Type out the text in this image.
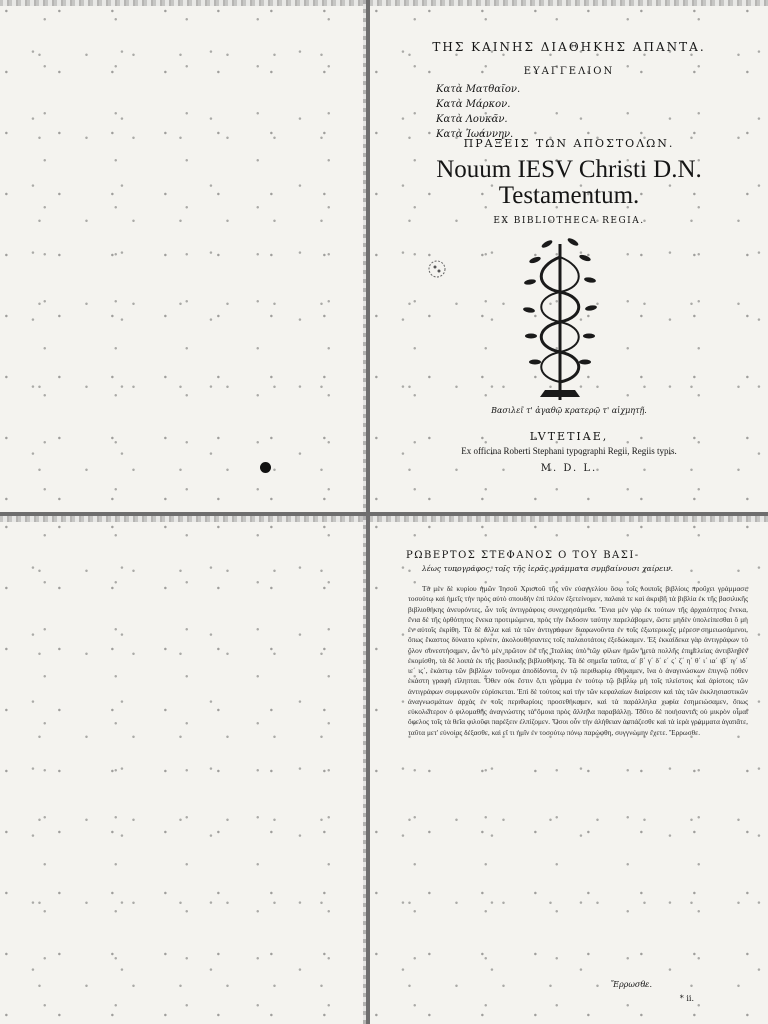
ΤΗΣ ΚΑΙΝΗΣ ΔΙΑΘΗΚΗΣ ΑΠΑΝΤΑ.
ΕΥΑΓΓΕΛΙΟΝ
Κατὰ Ματθαῖον.
Κατὰ Μάρκον.
Κατὰ Λουκᾶν.
Κατὰ Ἰωάννην.
ΠΡΑΞΕΙΣ ΤΩΝ ΑΠΟΣΤΟΛΩΝ.
Nouum IESV Christi D.N.
Testamentum.
EX BIBLIOTHECA REGIA.
Βασιλεῖ τ' ἀγαθῷ κρατερῷ τ' αἰχμητῇ.
LVTETIAE,
Ex officina Roberti Stephani typographi Regii, Regiis typis.
M. D. L.
ΡΩΒΕΡΤΟΣ ΣΤΕΦΑΝΟΣ Ο ΤΟΥ ΒΑΣΙ-
λέως τυπογράφος, τοῖς τῆς ἱερᾶς γράμματα συμβαίνουσι χαίρειν.

Τὸ μὲν δὲ κυρίου ἡμῶν Ἰησοῦ Χριστοῦ τῆς νῦν εὐαγγελίου ὅσῳ τοῖς λοιποῖς βιβλίοις προὔχει γράμμασι, τοσούτῳ καὶ ἡμεῖς τὴν πρὸς αὐτὸ σπουδὴν ἐπὶ πλέον ἐξετείνομεν, παλαιά τε καὶ ἀκριβῆ τὰ βιβλία ἐκ τῆς βασιλικῆς βιβλιοθήκης ἀνευρόντες, ὧν τοῖς ἀντιγράφοις συνεχρησάμεθα. Ἔνια μὲν γὰρ ἐκ τούτων τῆς ἀρχαιότητος ἕνεκα, ἔνια δὲ τῆς ὀρθότητος ἕνεκα προτιμώμενα, πρὸς τὴν ἔκδοσιν ταύτην παρελάβομεν, ὥστε μηδὲν ὑπολείπεσθαι ὃ μὴ ἐν αὐτοῖς ἐκρίθη. Τὰ δὲ ἄλλα καὶ τὰ τῶν ἀντιγράφων διαφωνοῦντα ἐν τοῖς ἐξωτερικοῖς μέρεσι σημειωσάμενοι, ὅπως ἕκαστος δύναιτο κρίνειν, ἀκολουθήσαντες τοῖς παλαιοτάτοις ἐξεδώκαμεν. Ἐξ ἑκκαίδεκα γὰρ ἀντιγράφων τὸ ὅλον συνεστήσαμεν, ὧν τὸ μὲν πρῶτον ἐκ τῆς Ἰταλίας ὑπὸ τῶν φίλων ἡμῶν μετὰ πολλῆς ἐπιμελείας ἀντιβληθὲν ἐκομίσθη, τὰ δὲ λοιπὰ ἐκ τῆς βασιλικῆς βιβλιοθήκης. Τὰ δὲ σημεῖα ταῦτα, α΄ β΄ γ΄ δ΄ ε΄ ϛ΄ ζ΄ η΄ θ΄ ι΄ ια΄ ιβ΄ ιγ΄ ιδ΄ ιε΄ ιϛ΄, ἑκάστῳ τῶν βιβλίων τοὔνομα ἀποδίδοντα, ἐν τῷ περιθωρίῳ ἐθήκαμεν, ἵνα ὁ ἀναγινώσκων ἐπιγνῷ πόθεν ἑκάστη γραφὴ εἴληπται. Ὅθεν οὐκ ἔστιν ὅ,τι γράμμα ἐν τούτῳ τῷ βιβλίῳ μὴ τοῖς πλείστοις καὶ ἀρίστοις τῶν ἀντιγράφων συμφωνοῦν εὑρίσκεται. Ἐπὶ δὲ τούτοις καὶ τὴν τῶν κεφαλαίων διαίρεσιν καὶ τὰς τῶν ἐκκλησιαστικῶν ἀναγνωσμάτων ἀρχὰς ἐν τοῖς περιθωρίοις προσεθήκαμεν, καὶ τὰ παράλληλα χωρία ἐσημειώσαμεν, ὅπως εὐκολώτερον ὁ φιλομαθὴς ἀναγνώστης τὰ ὅμοια πρὸς ἄλληλα παραβάλλῃ. Τοῦτο δὲ ποιήσαντες οὐ μικρὸν οἶμαι ὄφελος τοῖς τὰ θεῖα φιλοῦσι παρέξειν ἐλπίζομεν. Ὅσοι οὖν τὴν ἀλήθειαν ἀσπάζεσθε καὶ τὰ ἱερὰ γράμματα ἀγαπᾶτε, ταῦτα μετ' εὐνοίας δέξασθε, καὶ εἴ τι ἡμῖν ἐν τοσούτῳ πόνῳ παρώφθη, συγγνώμην ἔχετε. Ἔρρωσθε.

Ἔρρωσθε.
* ii.
